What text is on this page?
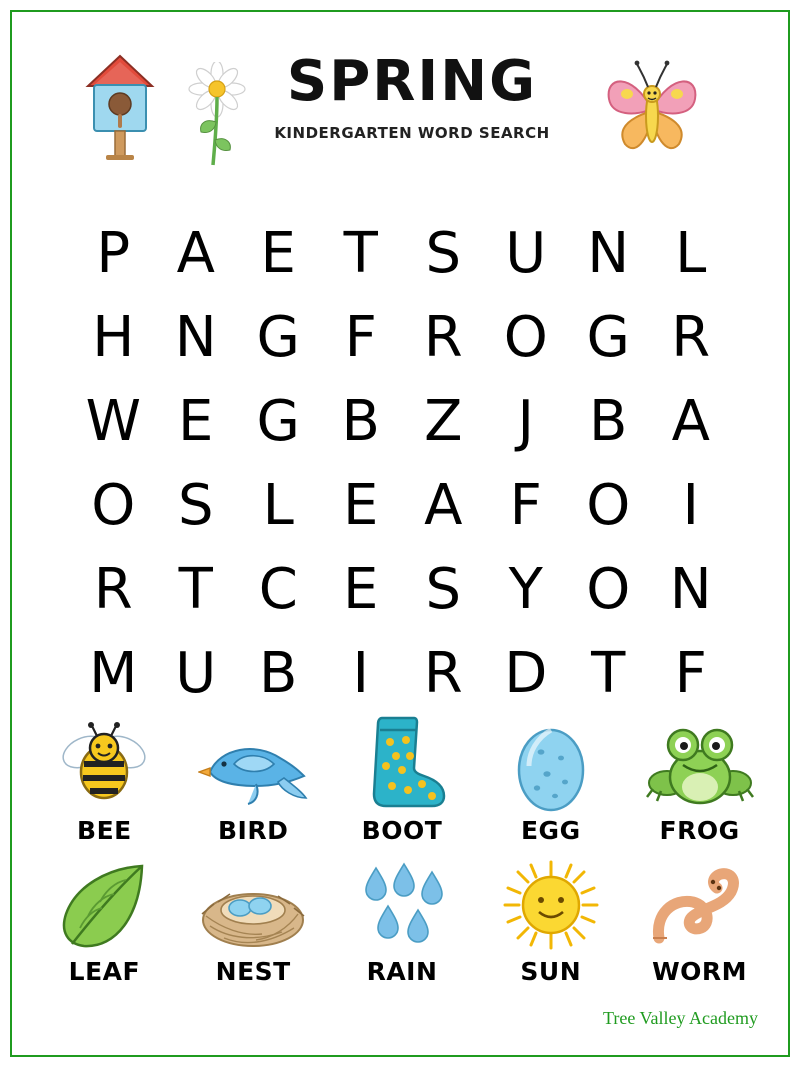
SPRING
KINDERGARTEN WORD SEARCH
P A E T S U N L
H N G F R O G R
W E G B Z J B A
O S L E A F O I
R T C E S Y O N
M U B I R D T F
BEE	BIRD	BOOT	EGG	FROG
LEAF	NEST	RAIN	SUN	WORM
Tree Valley Academy
